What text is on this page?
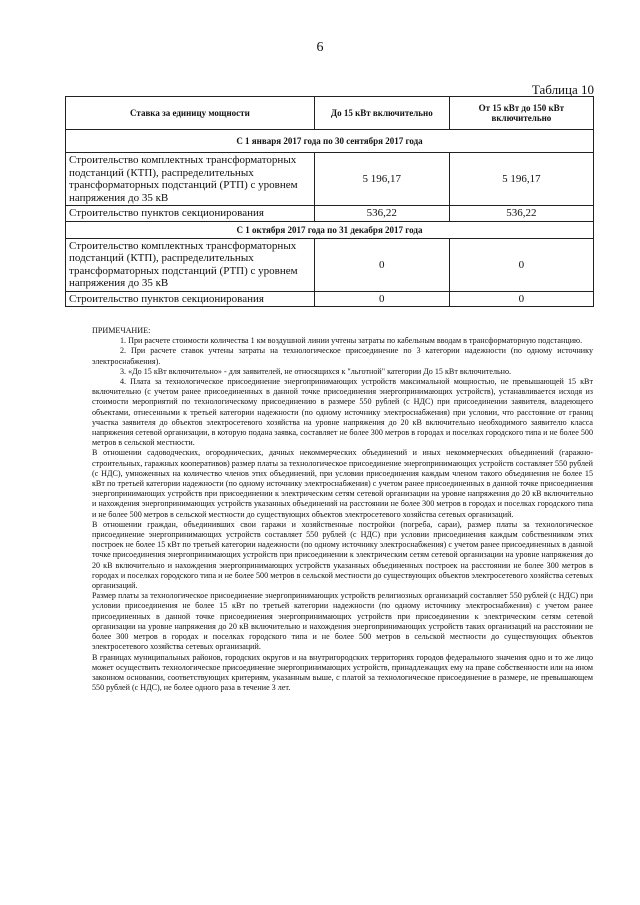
6
Таблица 10
Ставка за единицу мощности	До 15 кВт включительно	От 15 кВт до 150 кВт включительно
С 1 января 2017 года по 30 сентября 2017 года		
Строительство комплектных трансформаторных подстанций (КТП), распределительных трансформаторных подстанций (РТП) с уровнем напряжения до 35 кВ	5 196,17	5 196,17
Строительство пунктов секционирования	536,22	536,22
С 1 октября 2017 года по 31 декабря 2017 года		
Строительство комплектных трансформаторных подстанций (КТП), распределительных трансформаторных подстанций (РТП) с уровнем напряжения до 35 кВ	0	0
Строительство пунктов секционирования	0	0

ПРИМЕЧАНИЕ:

1. При расчете стоимости количества 1 км воздушной линии учтены затраты по кабельным вводам в трансформаторную подстанцию.

2. При расчете ставок учтены затраты на технологическое присоединение по 3 категории надежности (по одному источнику электроснабжения).

3. «До 15 кВт включительно» - для заявителей, не относящихся к "льготной" категории До 15 кВт включительно.

4. Плата за технологическое присоединение энергопринимающих устройств максимальной мощностью, не превышающей 15 кВт включительно (с учетом ранее присоединенных в данной точке присоединения энергопринимающих устройств), устанавливается исходя из стоимости мероприятий по технологическому присоединению в размере 550 рублей (с НДС) при присоединении заявителя, владеющего объектами, отнесенными к третьей категории надежности (по одному источнику электроснабжения) при условии, что расстояние от границ участка заявителя до объектов электросетевого хозяйства на уровне напряжения до 20 кВ включительно необходимого заявителю класса напряжения сетевой организации, в которую подана заявка, составляет не более 300 метров в городах и поселках городского типа и не более 500 метров в сельской местности.

В отношении садоводческих, огороднических, дачных некоммерческих объединений и иных некоммерческих объединений (гаражно-строительных, гаражных кооперативов) размер платы за технологическое присоединение энергопринимающих устройств составляет 550 рублей (с НДС), умноженных на количество членов этих объединений, при условии присоединения каждым членом такого объединения не более 15 кВт по третьей категории надежности (по одному источнику электроснабжения) с учетом ранее присоединенных в данной точке присоединения энергопринимающих устройств при присоединении к электрическим сетям сетевой организации на уровне напряжения до 20 кВ включительно и нахождения энергопринимающих устройств указанных объединений на расстоянии не более 300 метров в городах и поселках городского типа и не более 500 метров в сельской местности до существующих объектов электросетевого хозяйства сетевых организаций.

В отношении граждан, объединивших свои гаражи и хозяйственные постройки (погреба, сараи), размер платы за технологическое присоединение энергопринимающих устройств составляет 550 рублей (с НДС) при условии присоединения каждым собственником этих построек не более 15 кВт по третьей категории надежности (по одному источнику электроснабжения) с учетом ранее присоединенных в данной точке присоединения энергопринимающих устройств при присоединении к электрическим сетям сетевой организации на уровне напряжения до 20 кВ включительно и нахождения энергопринимающих устройств указанных объединенных построек на расстоянии не более 300 метров в городах и поселках городского типа и не более 500 метров в сельской местности до существующих объектов электросетевого хозяйства сетевых организаций.

Размер платы за технологическое присоединение энергопринимающих устройств религиозных организаций составляет 550 рублей (с НДС) при условии присоединения не более 15 кВт по третьей категории надежности (по одному источнику электроснабжения) с учетом ранее присоединенных в данной точке присоединения энергопринимающих устройств при присоединении к электрическим сетям сетевой организации на уровне напряжения до 20 кВ включительно и нахождения энергопринимающих устройств таких организаций на расстоянии не более 300 метров в городах и поселках городского типа и не более 500 метров в сельской местности до существующих объектов электросетевого хозяйства сетевых организаций.

В границах муниципальных районов, городских округов и на внутригородских территориях городов федерального значения одно и то же лицо может осуществить технологическое присоединение энергопринимающих устройств, принадлежащих ему на праве собственности или на ином законном основании, соответствующих критериям, указанным выше, с платой за технологическое присоединение в размере, не превышающем 550 рублей (с НДС), не более одного раза в течение 3 лет.
